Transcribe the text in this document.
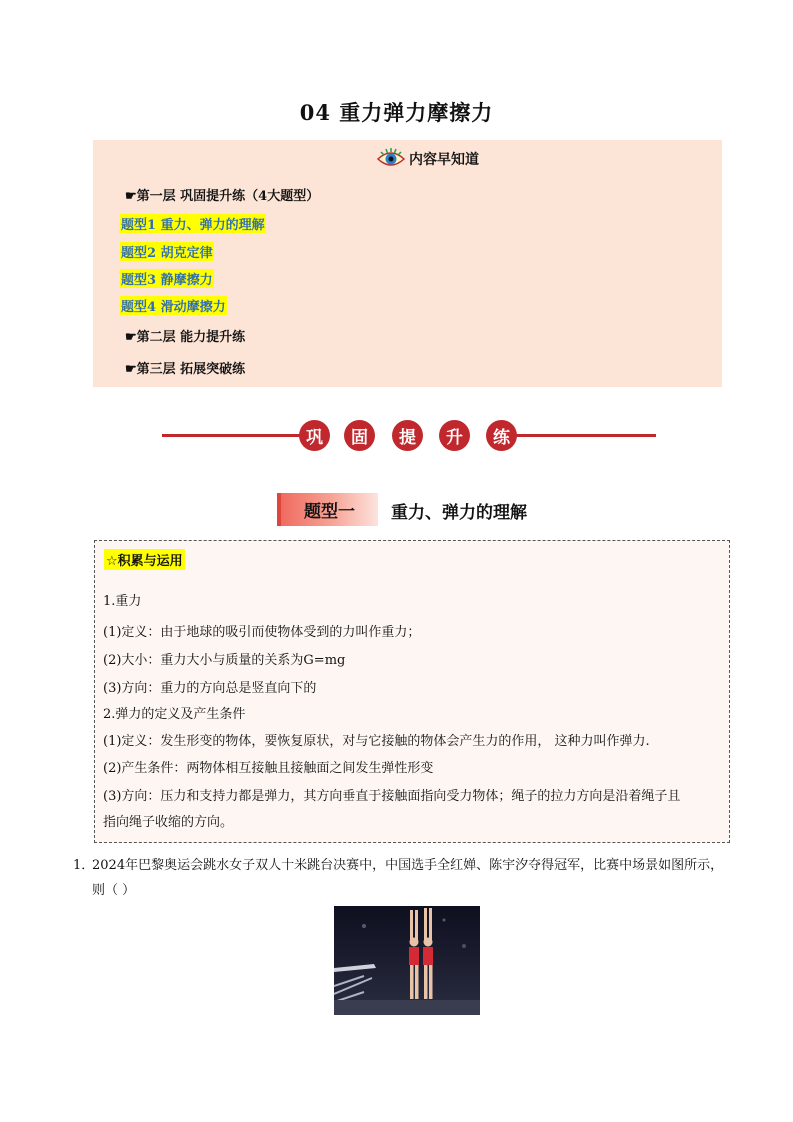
04 重力弹力摩擦力
内容早知道
☛第一层 巩固提升练（4大题型）
题型1 重力、弹力的理解
题型2 胡克定律
题型3 静摩擦力
题型4 滑动摩擦力
☛第二层 能力提升练
☛第三层 拓展突破练
巩	固	提	升	练
题型一	重力、弹力的理解
☆积累与运用
1.重力
(1)定义：由于地球的吸引而使物体受到的力叫作重力；
(2)大小：重力大小与质量的关系为G=mg
(3)方向：重力的方向总是竖直向下的
2.弹力的定义及产生条件
(1)定义：发生形变的物体，要恢复原状，对与它接触的物体会产生力的作用， 这种力叫作弹力.
(2)产生条件：两物体相互接触且接触面之间发生弹性形变
(3)方向：压力和支持力都是弹力，其方向垂直于接触面指向受力物体；绳子的拉力方向是沿着绳子且
指向绳子收缩的方向。
1．
2024年巴黎奥运会跳水女子双人十米跳台决赛中，中国选手全红婵、陈宇汐夺得冠军，比赛中场景如图所示，则（ ）
